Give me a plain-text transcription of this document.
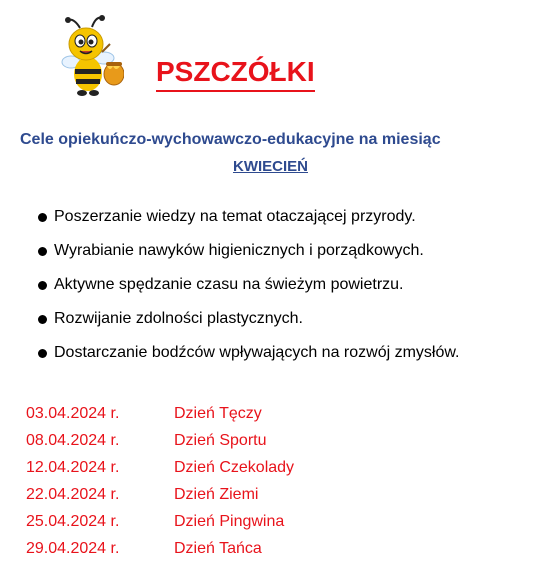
PSZCZÓŁKI

Cele opiekuńczo-wychowawczo-edukacyjne na miesiąc

KWIECIEŃ

Poszerzanie wiedzy na temat otaczającej przyrody.
Wyrabianie nawyków higienicznych i porządkowych.
Aktywne spędzanie czasu na świeżym powietrzu.
Rozwijanie zdolności plastycznych.
Dostarczanie bodźców wpływających na rozwój zmysłów.
03.04.2024 r.	Dzień Tęczy
08.04.2024 r.	Dzień Sportu
12.04.2024 r.	Dzień Czekolady
22.04.2024 r.	Dzień Ziemi
25.04.2024 r.	Dzień Pingwina
29.04.2024 r.	Dzień Tańca
